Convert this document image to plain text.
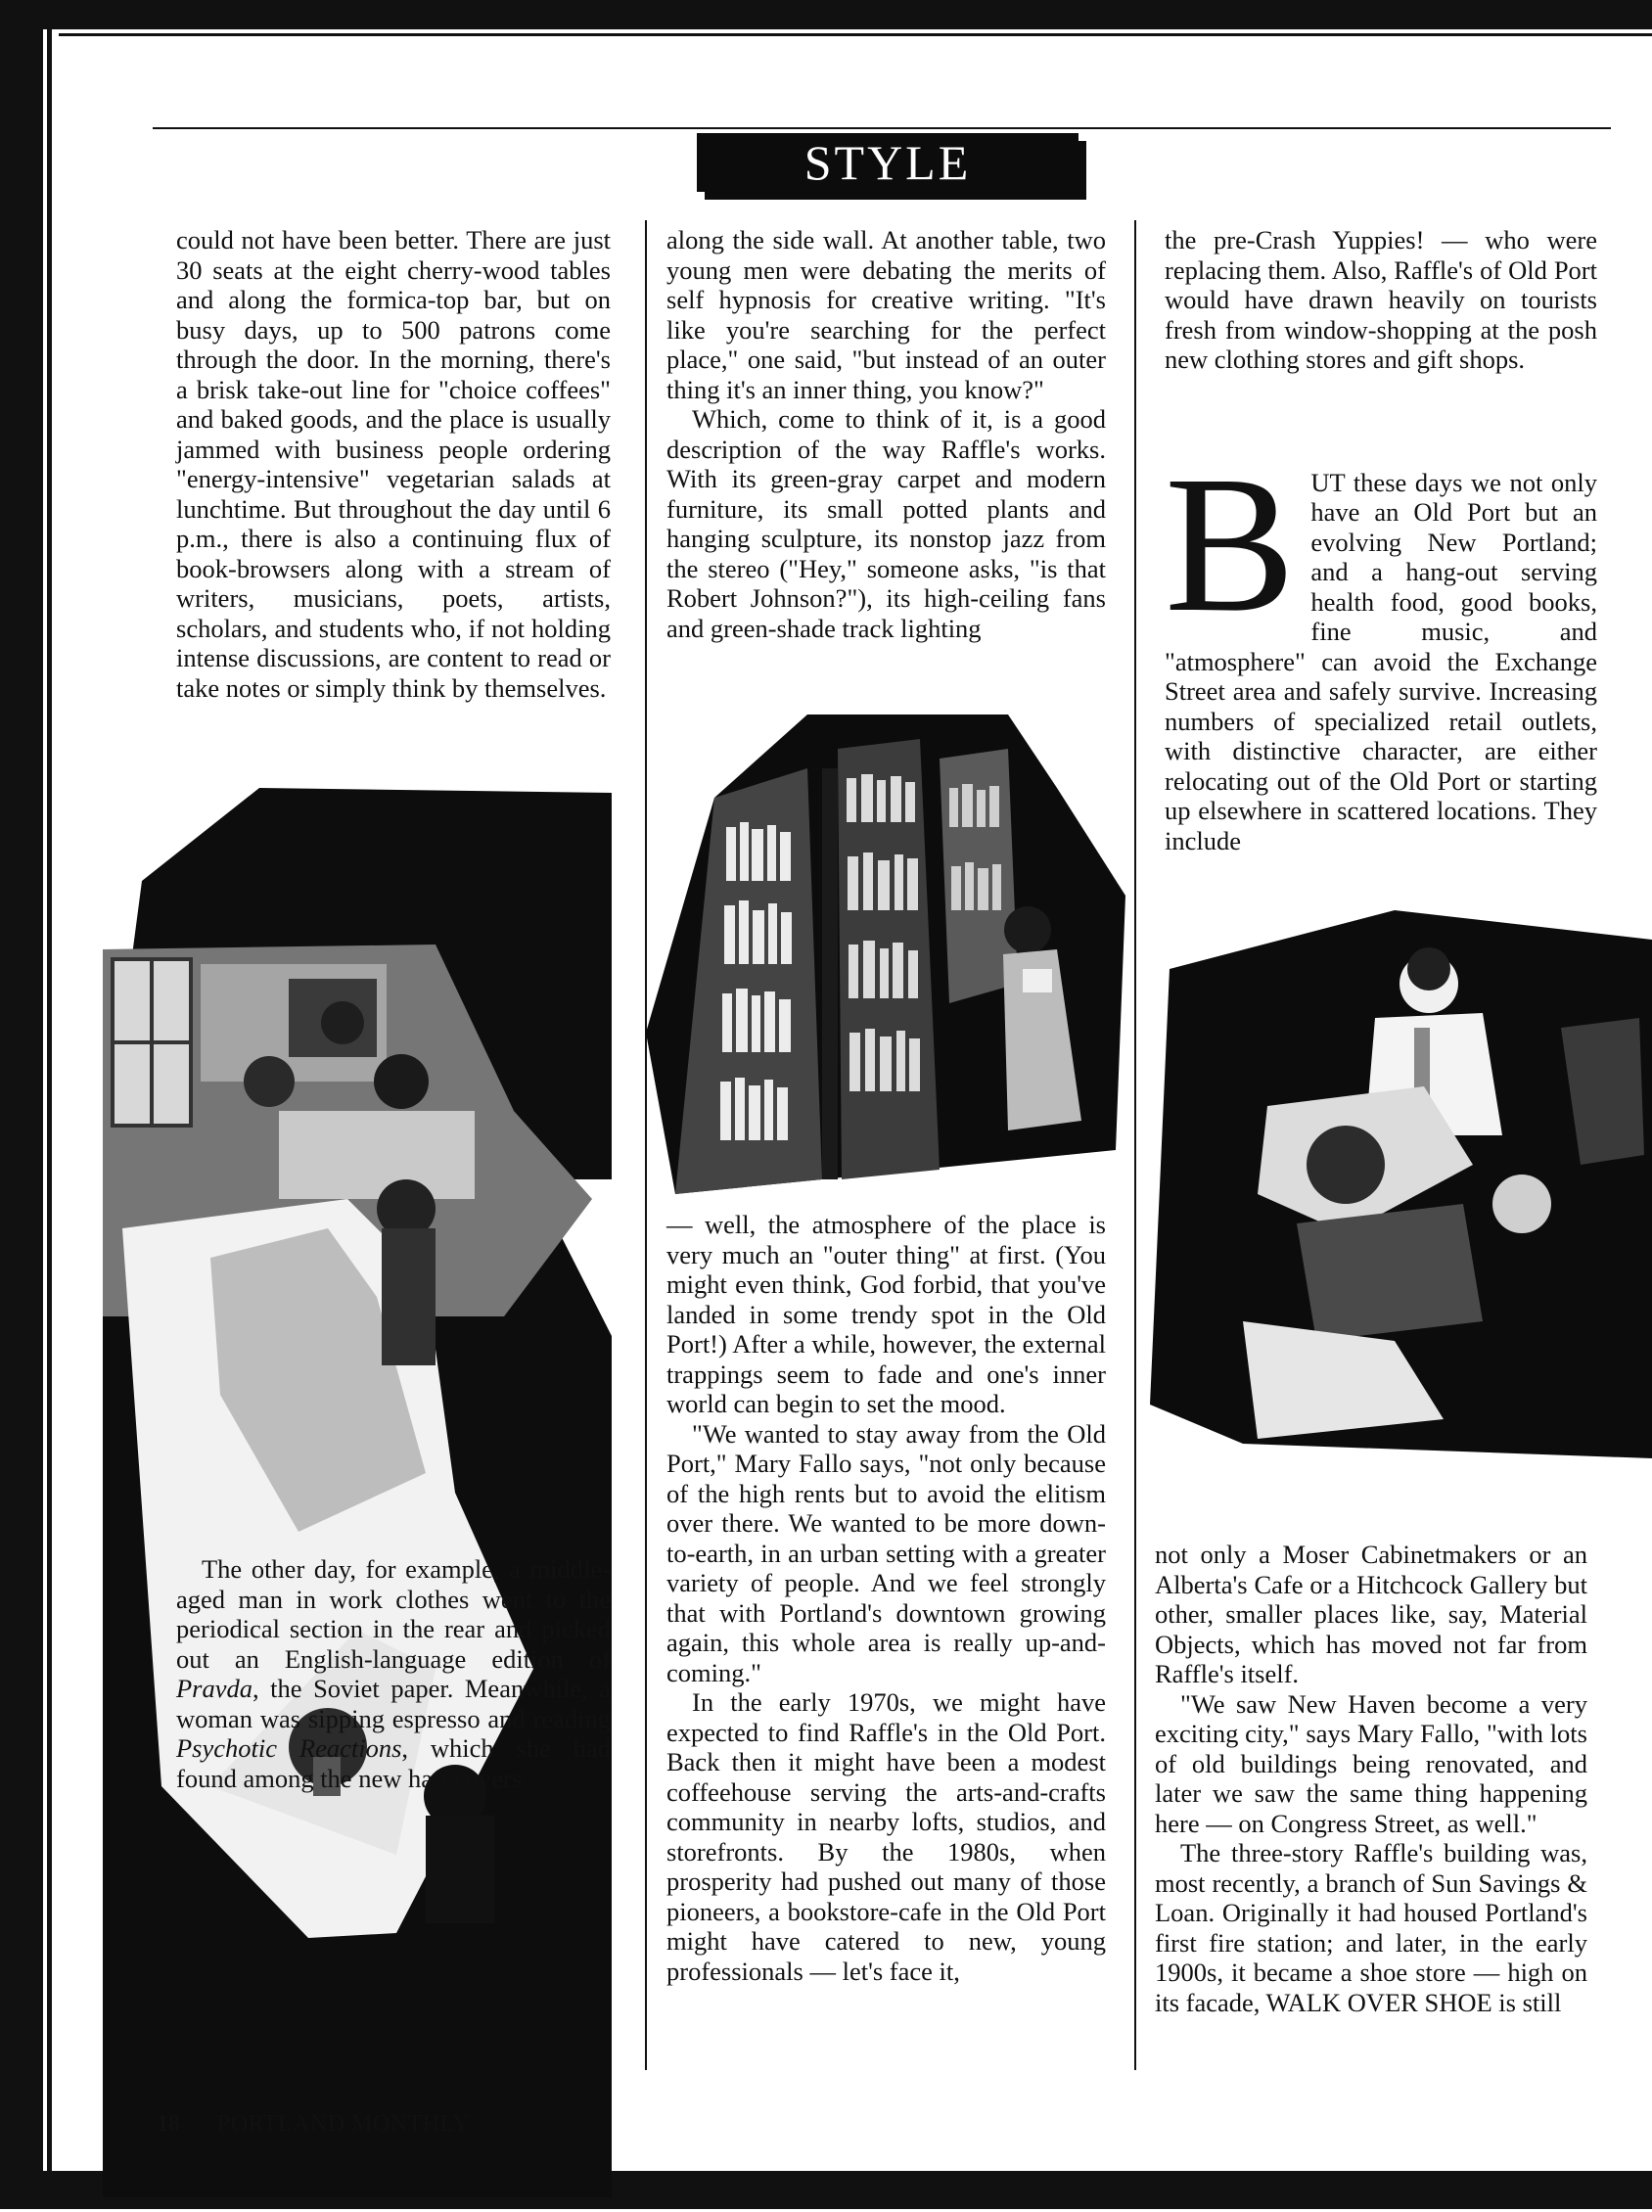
STYLE

could not have been better. There are just 30 seats at the eight cherry-wood tables and along the formica-top bar, but on busy days, up to 500 patrons come through the door. In the morning, there's a brisk take-out line for "choice coffees" and baked goods, and the place is usually jammed with business people ordering "energy-intensive" vegetarian salads at lunchtime. But throughout the day until 6 p.m., there is also a continuing flux of book-browsers along with a stream of writers, musicians, poets, artists, scholars, and students who, if not holding intense discussions, are content to read or take notes or simply think by themselves.

The other day, for example, a middle-aged man in work clothes went to the periodical section in the rear and picked out an English-language edition of Pravda, the Soviet paper. Meanwhile, a woman was sipping espresso and reading Psychotic Reactions, which she had found among the new hardcovers

along the side wall. At another table, two young men were debating the merits of self hypnosis for creative writing. "It's like you're searching for the perfect place," one said, "but instead of an outer thing it's an inner thing, you know?"

Which, come to think of it, is a good description of the way Raffle's works. With its green-gray carpet and modern furniture, its small potted plants and hanging sculpture, its nonstop jazz from the stereo ("Hey," someone asks, "is that Robert Johnson?"), its high-ceiling fans and green-shade track lighting

— well, the atmosphere of the place is very much an "outer thing" at first. (You might even think, God forbid, that you've landed in some trendy spot in the Old Port!) After a while, however, the external trappings seem to fade and one's inner world can begin to set the mood.

"We wanted to stay away from the Old Port," Mary Fallo says, "not only because of the high rents but to avoid the elitism over there. We wanted to be more down-to-earth, in an urban setting with a greater variety of people. And we feel strongly that with Portland's downtown growing again, this whole area is really up-and-coming."

In the early 1970s, we might have expected to find Raffle's in the Old Port. Back then it might have been a modest coffeehouse serving the arts-and-crafts community in nearby lofts, studios, and storefronts. By the 1980s, when prosperity had pushed out many of those pioneers, a bookstore-cafe in the Old Port might have catered to new, young professionals — let's face it,

the pre-Crash Yuppies! — who were replacing them. Also, Raffle's of Old Port would have drawn heavily on tourists fresh from window-shopping at the posh new clothing stores and gift shops.

BUT these days we not only have an Old Port but an evolving New Portland; and a hang-out serving health food, good books, fine music, and "atmosphere" can avoid the Exchange Street area and safely survive. Increasing numbers of specialized retail outlets, with distinctive character, are either relocating out of the Old Port or starting up elsewhere in scattered locations. They include

not only a Moser Cabinetmakers or an Alberta's Cafe or a Hitchcock Gallery but other, smaller places like, say, Material Objects, which has moved not far from Raffle's itself.

"We saw New Haven become a very exciting city," says Mary Fallo, "with lots of old buildings being renovated, and later we saw the same thing happening here — on Congress Street, as well."

The three-story Raffle's building was, most recently, a branch of Sun Savings & Loan. Originally it had housed Portland's first fire station; and later, in the early 1900s, it became a shoe store — high on its facade, WALK OVER SHOE is still

18 PORTLAND MONTHLY
